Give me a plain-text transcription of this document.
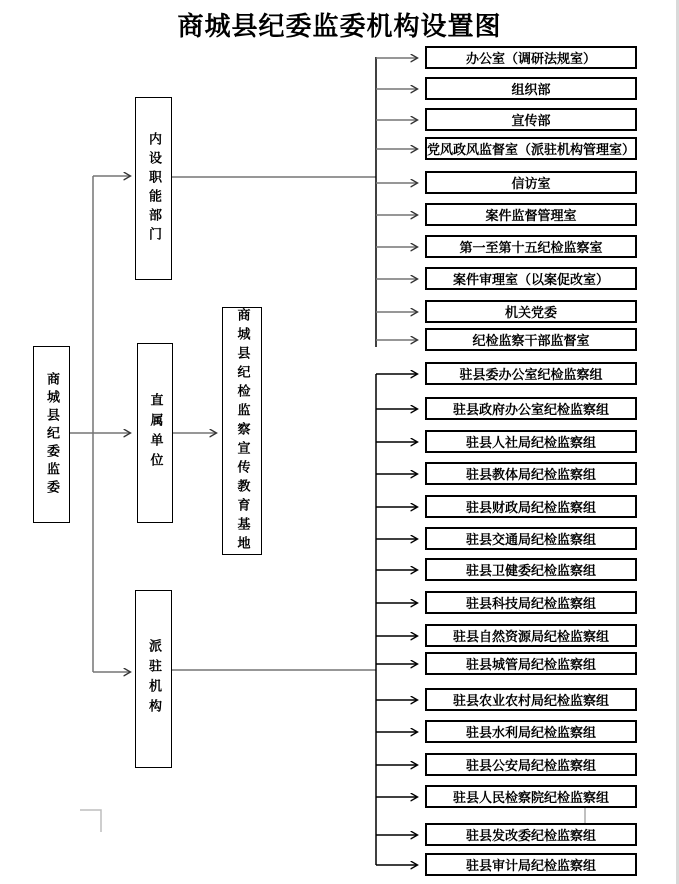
商城县纪委监委机构设置图
商城县纪委监委
内设职能部门
直属单位
派驻机构
商城县纪检监察宣传教育基地
办公室（调研法规室）
组织部
宣传部
党风政风监督室（派驻机构管理室）
信访室
案件监督管理室
第一至第十五纪检监察室
案件审理室（以案促改室）
机关党委
纪检监察干部监督室
驻县委办公室纪检监察组
驻县政府办公室纪检监察组
驻县人社局纪检监察组
驻县教体局纪检监察组
驻县财政局纪检监察组
驻县交通局纪检监察组
驻县卫健委纪检监察组
驻县科技局纪检监察组
驻县自然资源局纪检监察组
驻县城管局纪检监察组
驻县农业农村局纪检监察组
驻县水利局纪检监察组
驻县公安局纪检监察组
驻县人民检察院纪检监察组
驻县发改委纪检监察组
驻县审计局纪检监察组
